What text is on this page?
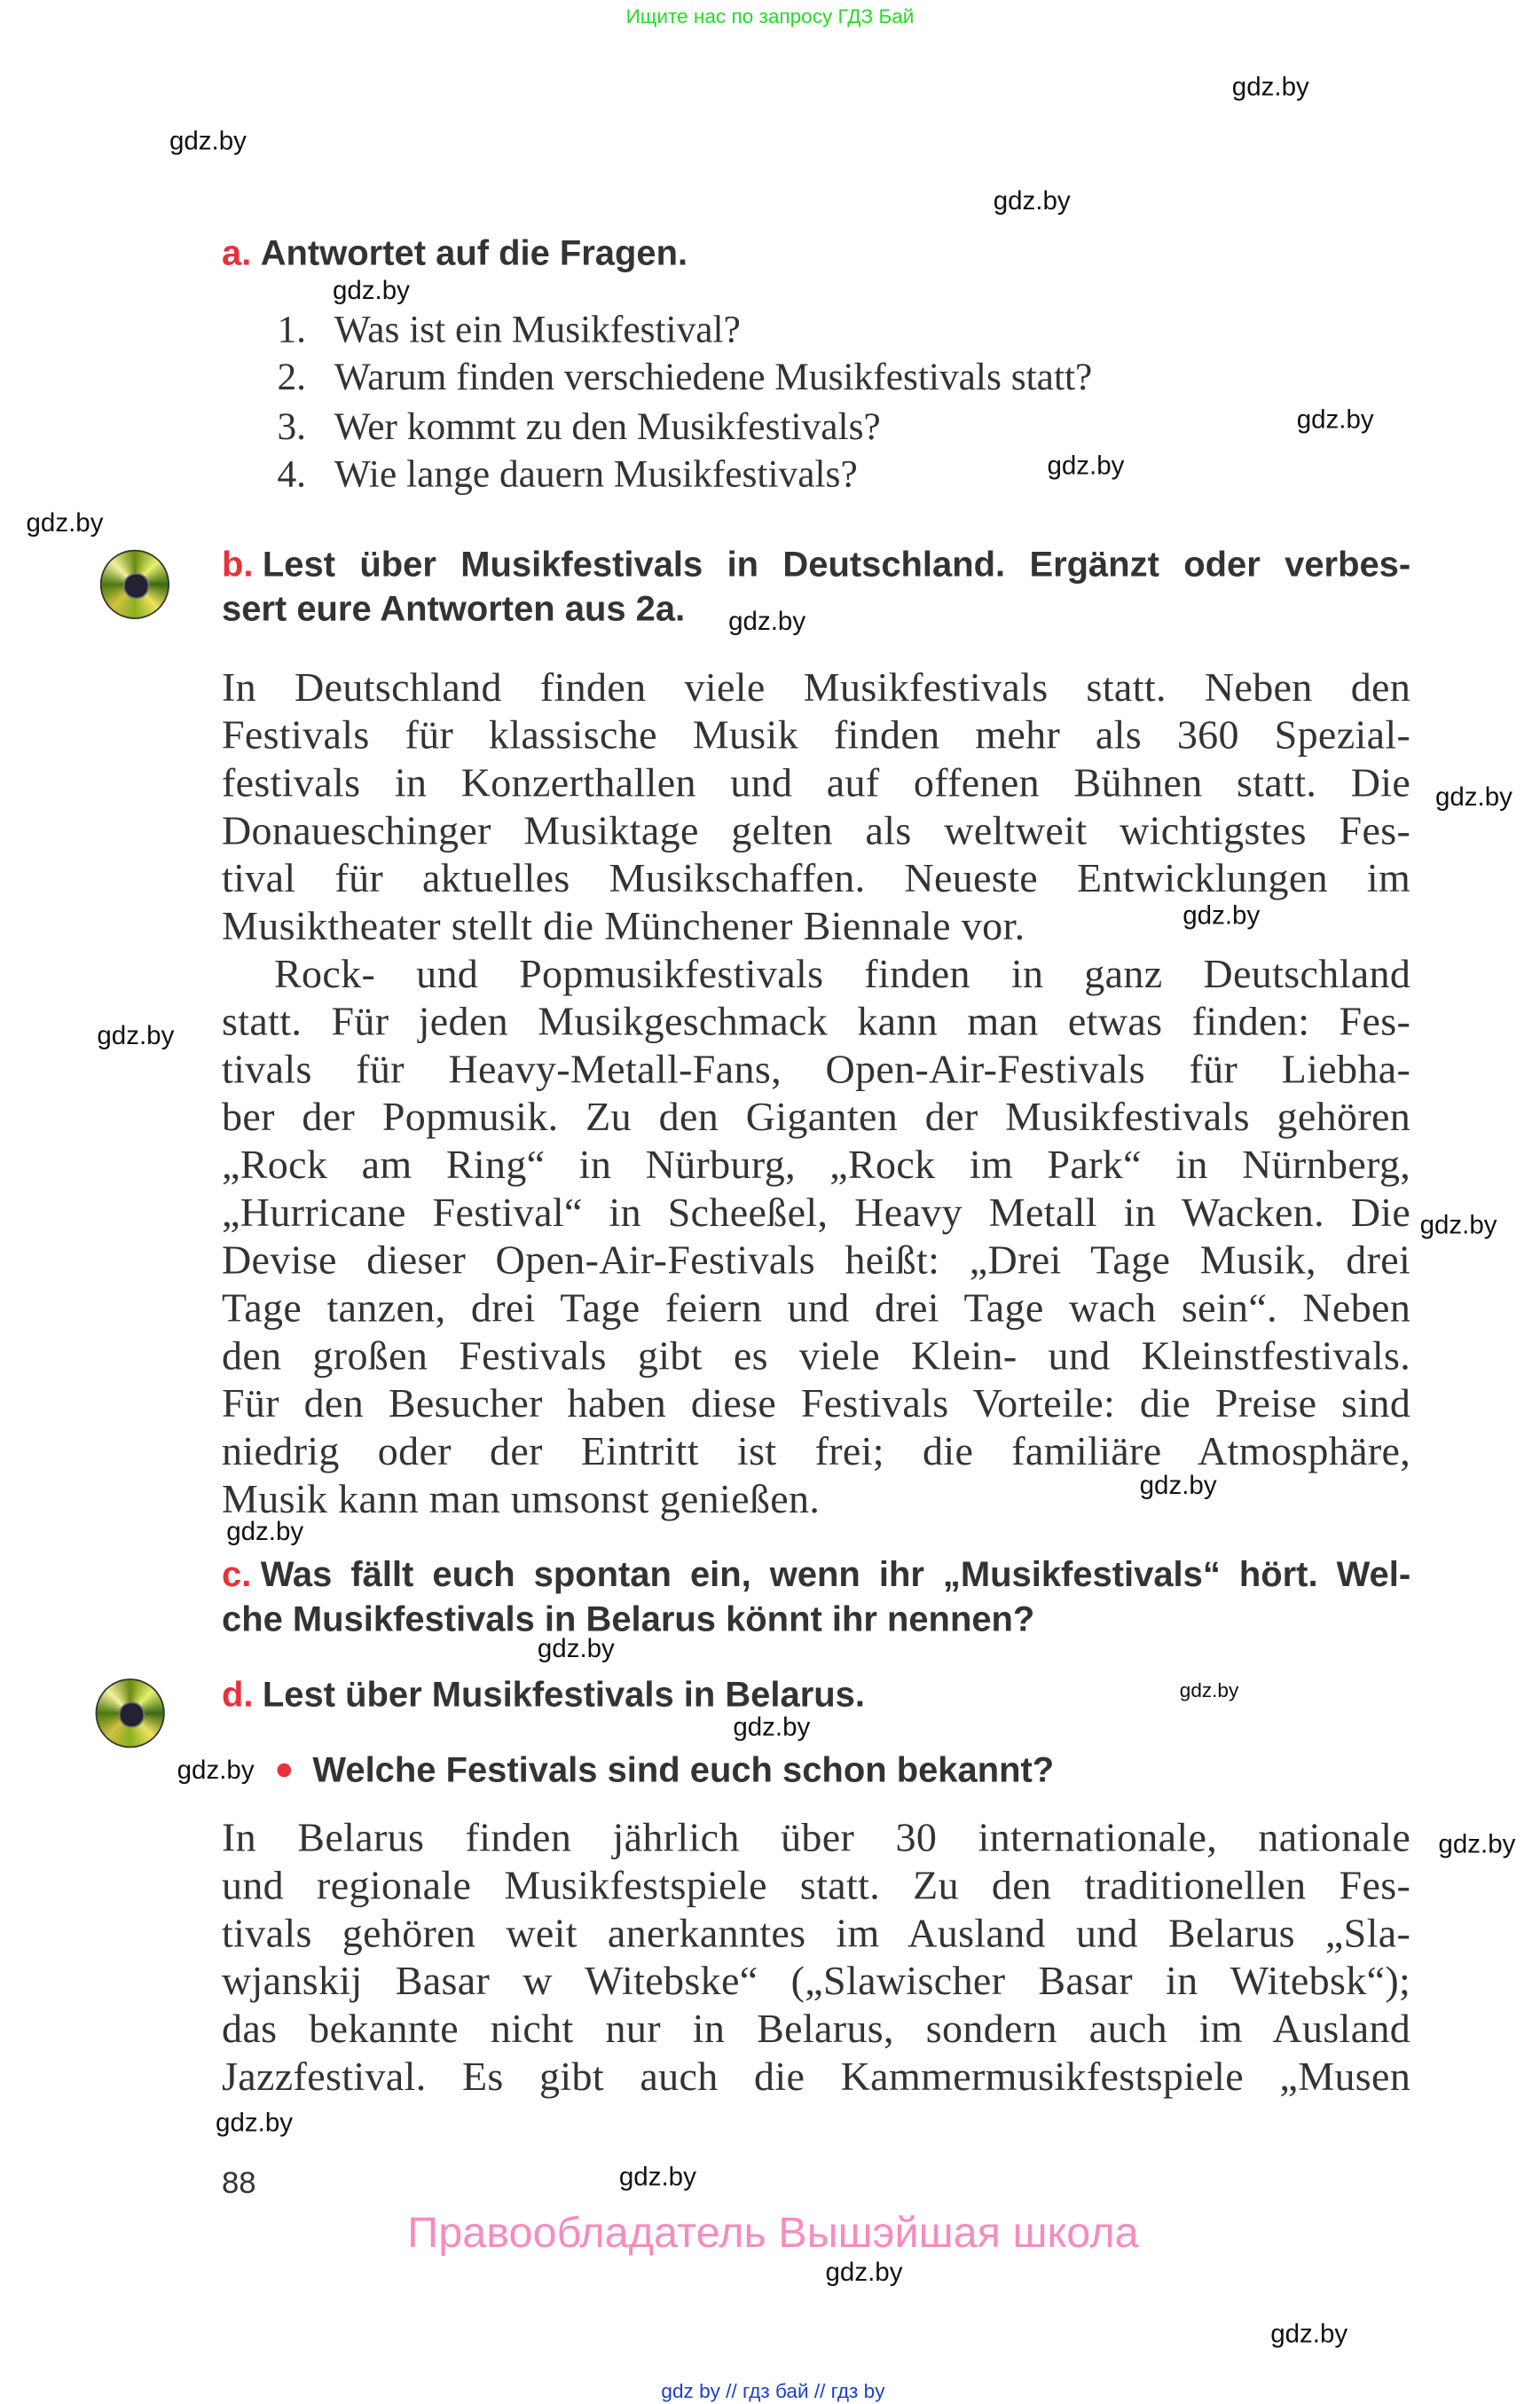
Ищите нас по запросу ГДЗ Бай
a. Antwortet auf die Fragen.
b. Lest über Musikfestivals in Deutschland. Ergänzt oder verbes-
sert eure Antworten aus 2a.
c. Was fällt euch spontan ein, wenn ihr „Musikfestivals“ hört. Wel-
che Musikfestivals in Belarus könnt ihr nennen?
d. Lest über Musikfestivals in Belarus.
Welche Festivals sind euch schon bekannt?
88
Правообладатель Вышэйшая школа
gdz by // гдз бай // гдз by
1. Was ist ein Musikfestival?
2. Warum finden verschiedene Musikfestivals statt?
3. Wer kommt zu den Musikfestivals?
4. Wie lange dauern Musikfestivals?
In Deutschland finden viele Musikfestivals statt. Neben den
Festivals für klassische Musik finden mehr als 360 Spezial-
festivals in Konzerthallen und auf offenen Bühnen statt. Die
Donaueschinger Musiktage gelten als weltweit wichtigstes Fes-
tival für aktuelles Musikschaffen. Neueste Entwicklungen im
Musiktheater stellt die Münchener Biennale vor.
Rock- und Popmusikfestivals finden in ganz Deutschland
statt. Für jeden Musikgeschmack kann man etwas finden: Fes-
tivals für Heavy-Metall-Fans, Open-Air-Festivals für Liebha-
ber der Popmusik. Zu den Giganten der Musikfestivals gehören
„Rock am Ring“ in Nürburg, „Rock im Park“ in Nürnberg,
„Hurricane Festival“ in Scheeßel, Heavy Metall in Wacken. Die
Devise dieser Open-Air-Festivals heißt: „Drei Tage Musik, drei
Tage tanzen, drei Tage feiern und drei Tage wach sein“. Neben
den großen Festivals gibt es viele Klein- und Kleinstfestivals.
Für den Besucher haben diese Festivals Vorteile: die Preise sind
niedrig oder der Eintritt ist frei; die familiäre Atmosphäre,
Musik kann man umsonst genießen.
In Belarus finden jährlich über 30 internationale, nationale
und regionale Musikfestspiele statt. Zu den traditionellen Fes-
tivals gehören weit anerkanntes im Ausland und Belarus „Sla-
wjanskij Basar w Witebske“ („Slawischer Basar in Witebsk“);
das bekannte nicht nur in Belarus, sondern auch im Ausland
Jazzfestival. Es gibt auch die Kammermusikfestspiele „Musen
gdz.by
gdz.by
gdz.by
gdz.by
gdz.by
gdz.by
gdz.by
gdz.by
gdz.by
gdz.by
gdz.by
gdz.by
gdz.by
gdz.by
gdz.by
gdz.by
gdz.by
gdz.by
gdz.by
gdz.by
gdz.by
gdz.by
gdz.by
